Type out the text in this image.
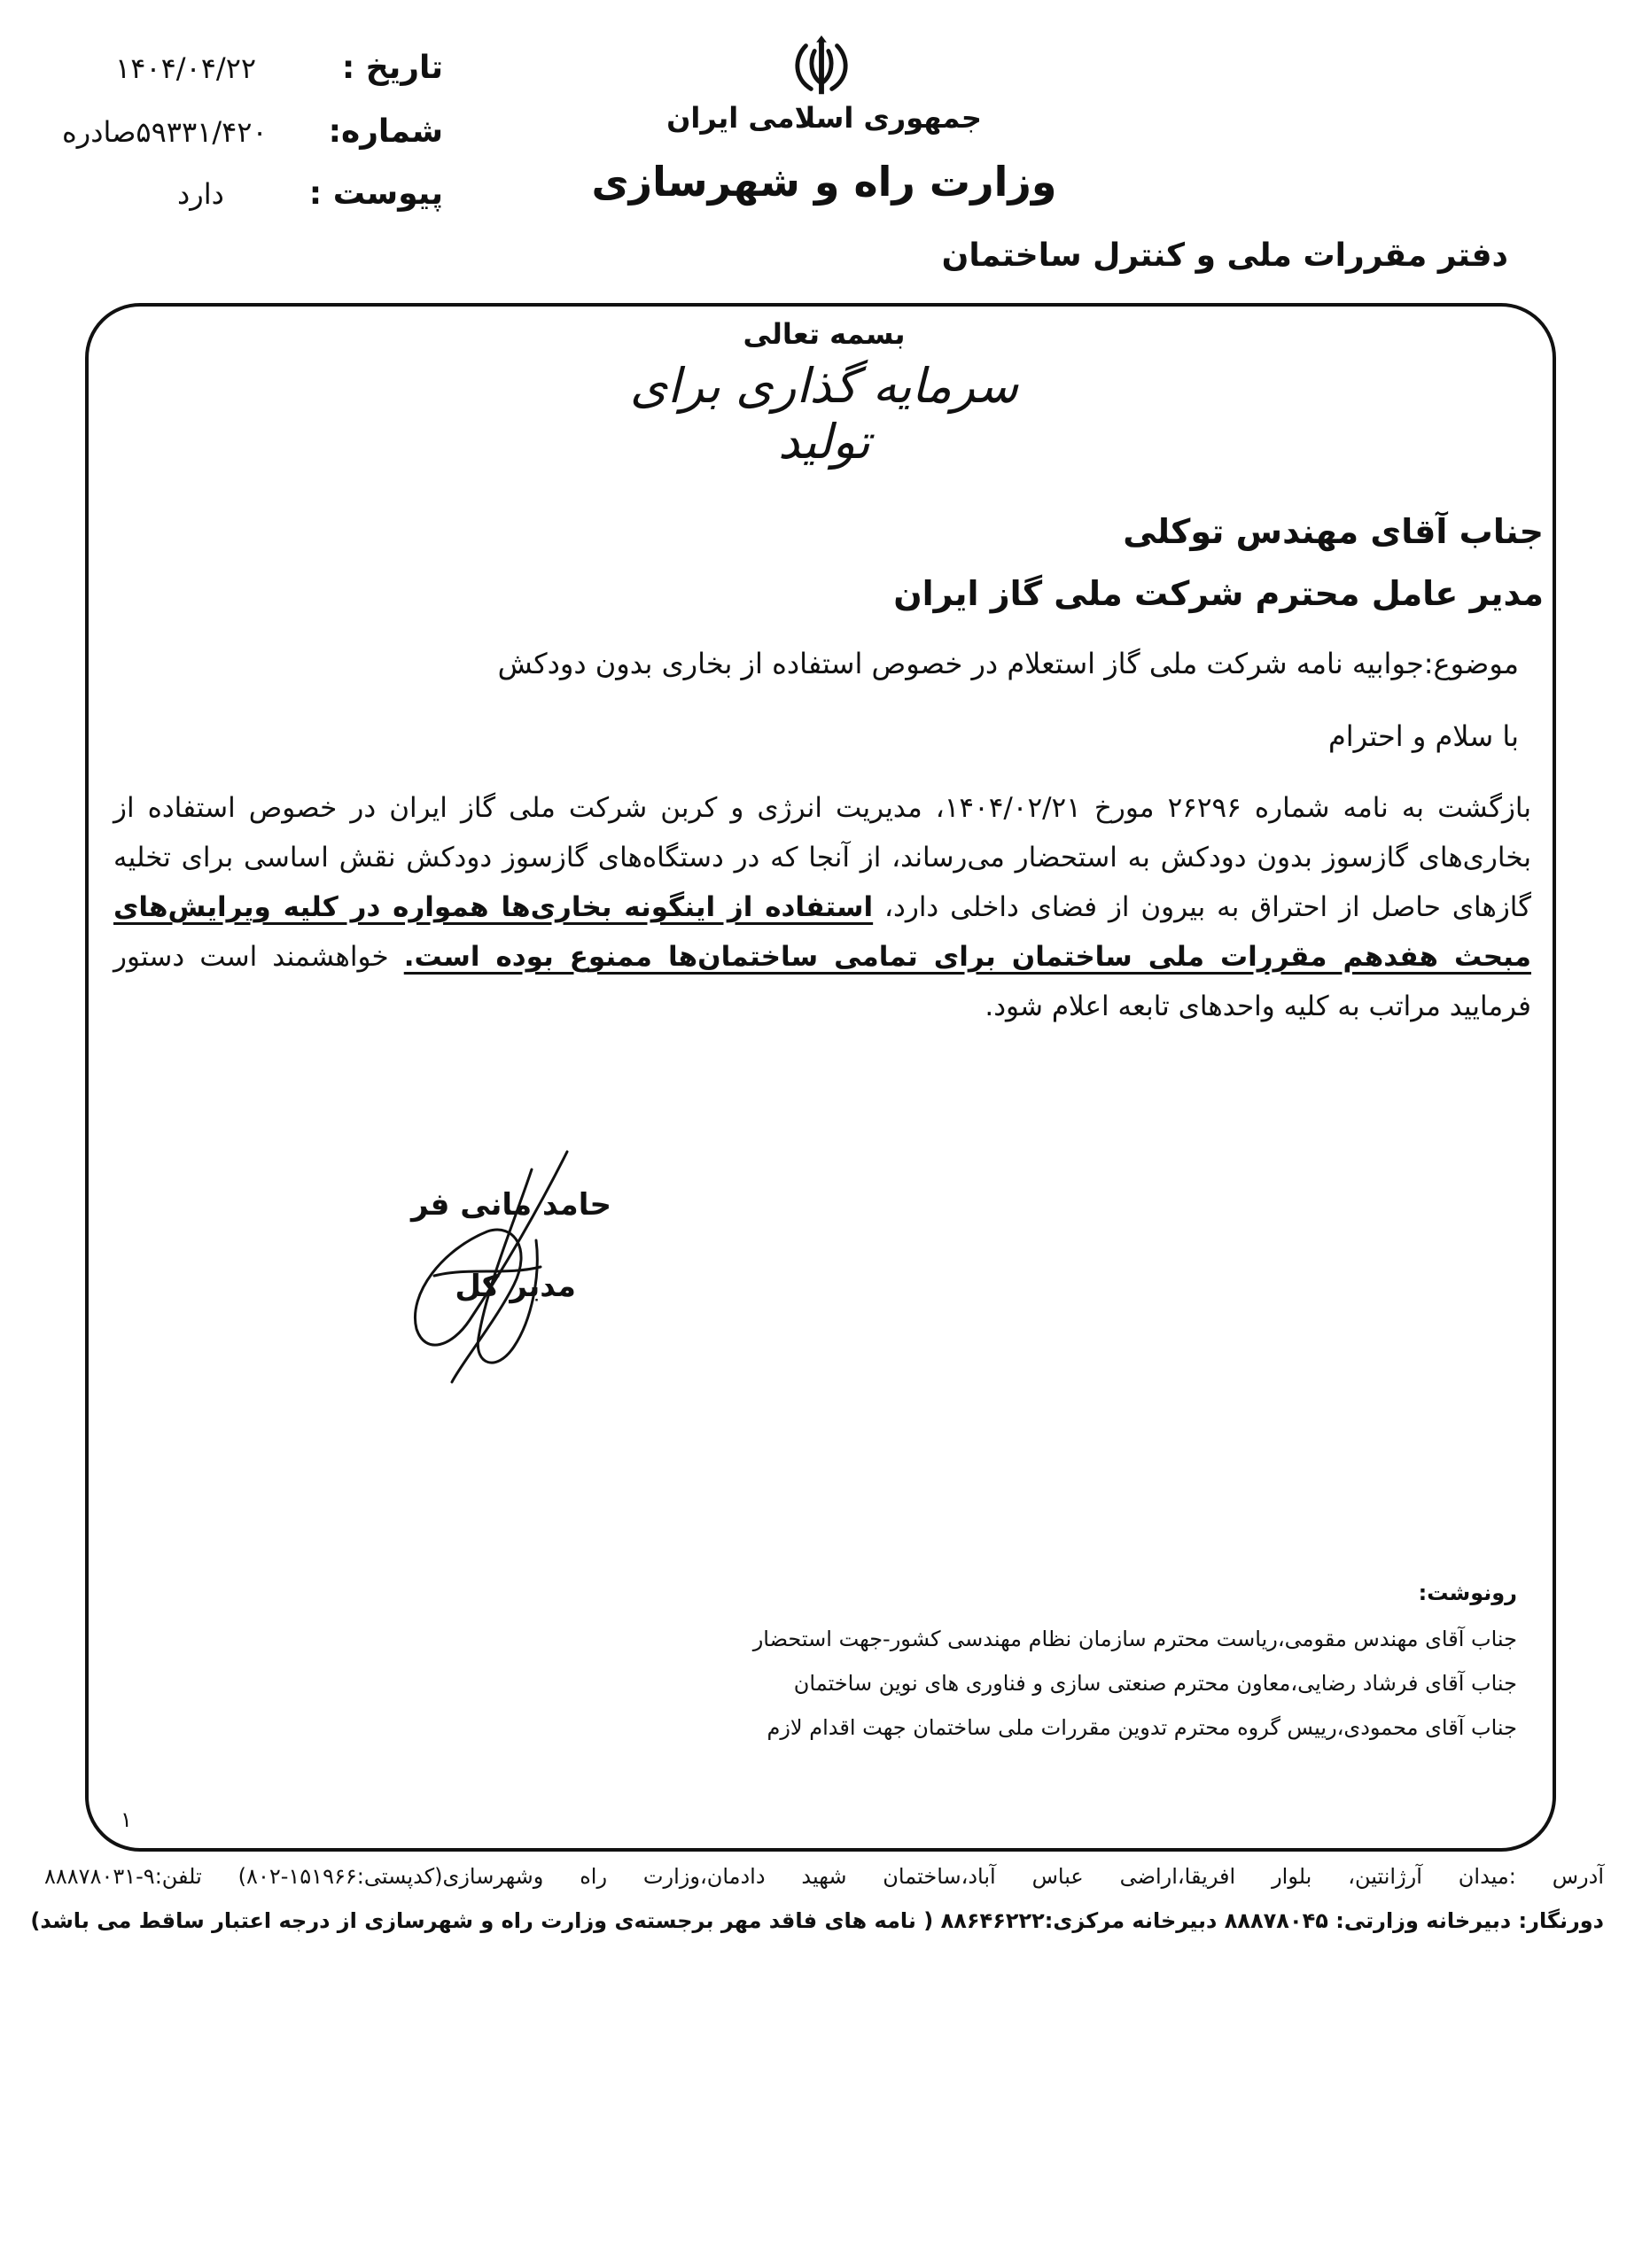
تاریخ :
۱۴۰۴/۰۴/۲۲
شماره:
۵۹۳۳۱/۴۲۰صادره
پیوست :
دارد
جمهوری اسلامی ایران
وزارت راه و شهرسازی
دفتر مقررات ملی و کنترل ساختمان
بسمه تعالی
سرمایه گذاری برای تولید
جناب آقای مهندس توکلی
مدیر عامل محترم شرکت ملی گاز ایران
موضوع:جوابیه نامه شرکت ملی گاز استعلام در خصوص استفاده از بخاری بدون دودکش
با سلام و احترام
بازگشت به نامه شماره ۲۶۲۹۶ مورخ ۱۴۰۴/۰۲/۲۱، مدیریت انرژی و کربن شرکت ملی گاز ایران در خصوص استفاده از بخاری‌های گازسوز بدون دودکش به استحضار می‌رساند، از آنجا که در دستگاه‌های گازسوز دودکش نقش اساسی برای تخلیه گازهای حاصل از احتراق به بیرون از فضای داخلی دارد، استفاده از اینگونه بخاری‌ها همواره در کلیه ویرایش‌های مبحث هفدهم مقررات ملی ساختمان برای تمامی ساختمان‌ها ممنوع بوده است. خواهشمند است دستور فرمایید مراتب به کلیه واحدهای تابعه اعلام شود.
حامد مانی فر
مدیر کل
رونوشت:
جناب آقای مهندس مقومی،ریاست محترم سازمان نظام مهندسی کشور-جهت استحضار
جناب آقای فرشاد رضایی،معاون محترم صنعتی سازی و فناوری های نوین ساختمان
جناب آقای محمودی،رییس گروه محترم تدوین مقررات ملی ساختمان جهت اقدام لازم
۱
آدرس :میدان آرژانتین، بلوار افریقا،اراضی عباس آباد،ساختمان شهید دادمان،وزارت راه وشهرسازی(کدپستی:۱۵۱۹۶۶-۸۰۲) تلفن:۹-۸۸۸۷۸۰۳۱
دورنگار: دبیرخانه وزارتی: ۸۸۸۷۸۰۴۵ دبیرخانه مرکزی:۸۸۶۴۶۲۲۲ ( نامه های فاقد مهر برجسته‌ی وزارت راه و شهرسازی از درجه اعتبار ساقط می باشد)
